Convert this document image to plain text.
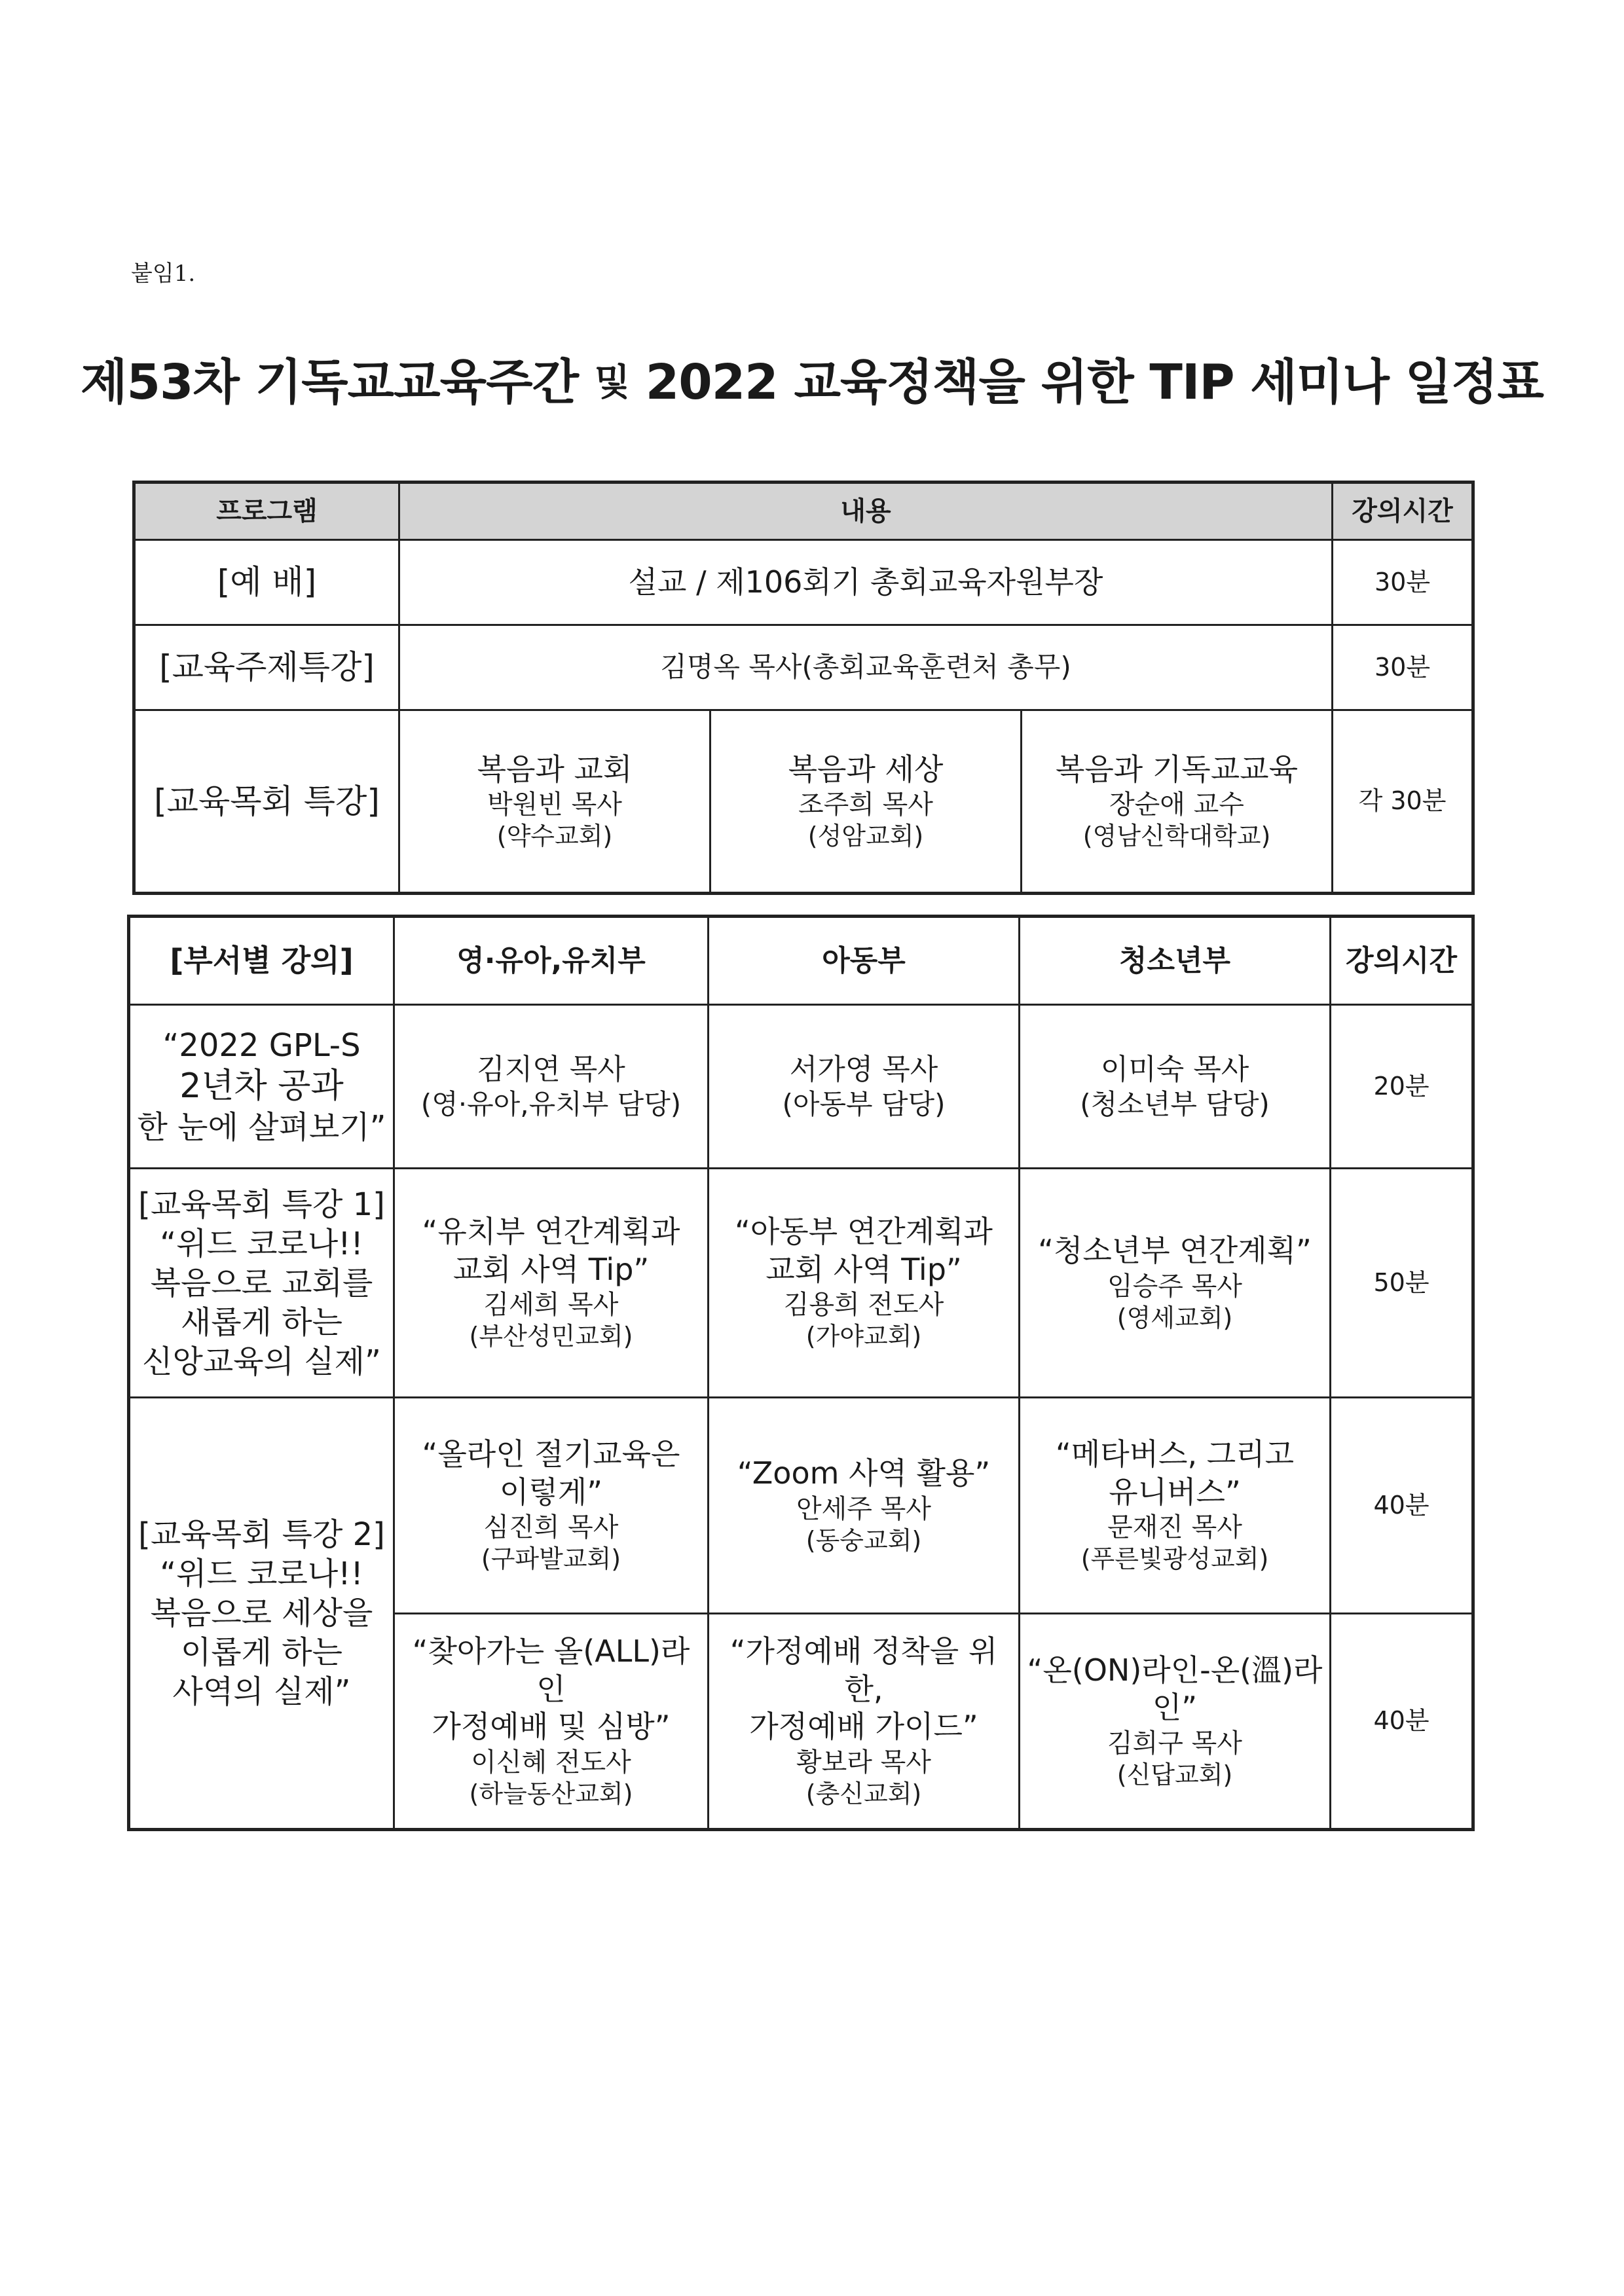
붙임1.
제53차 기독교교육주간 및 2022 교육정책을 위한 TIP 세미나 일정표
프로그램	내용			강의시간
[예 배]	설교 / 제106회기 총회교육자원부장			30분
[교육주제특강]	김명옥 목사(총회교육훈련처 총무)			30분
[교육목회 특강]	복음과 교회
박원빈 목사
(약수교회)	복음과 세상
조주희 목사
(성암교회)	복음과 기독교교육
장순애 교수
(영남신학대학교)	각 30분
[부서별 강의]	영·유아,유치부	아동부	청소년부	강의시간

“2022 GPL-S
2년차 공과
한 눈에 살펴보기”	김지연 목사
(영·유아,유치부 담당)	서가영 목사
(아동부 담당)	이미숙 목사
(청소년부 담당)	20분

[교육목회 특강 1]
“위드 코로나!!
복음으로 교회를
새롭게 하는
신앙교육의 실제”	“유치부 연간계획과
교회 사역 Tip”
김세희 목사
(부산성민교회)	“아동부 연간계획과
교회 사역 Tip”
김용희 전도사
(가야교회)	“청소년부 연간계획”
임승주 목사
(영세교회)	50분

[교육목회 특강 2]
“위드 코로나!!
복음으로 세상을
이롭게 하는
사역의 실제”	“올라인 절기교육은
이렇게”
심진희 목사
(구파발교회)	“Zoom 사역 활용”
안세주 목사
(동숭교회)	“메타버스, 그리고
유니버스”
문재진 목사
(푸른빛광성교회)	40분

	“찾아가는 올(ALL)라인
가정예배 및 심방”
이신혜 전도사
(하늘동산교회)	“가정예배 정착을 위한,
가정예배 가이드”
황보라 목사
(충신교회)	“온(ON)라인-온(溫)라인”
김희구 목사
(신답교회)	40분
